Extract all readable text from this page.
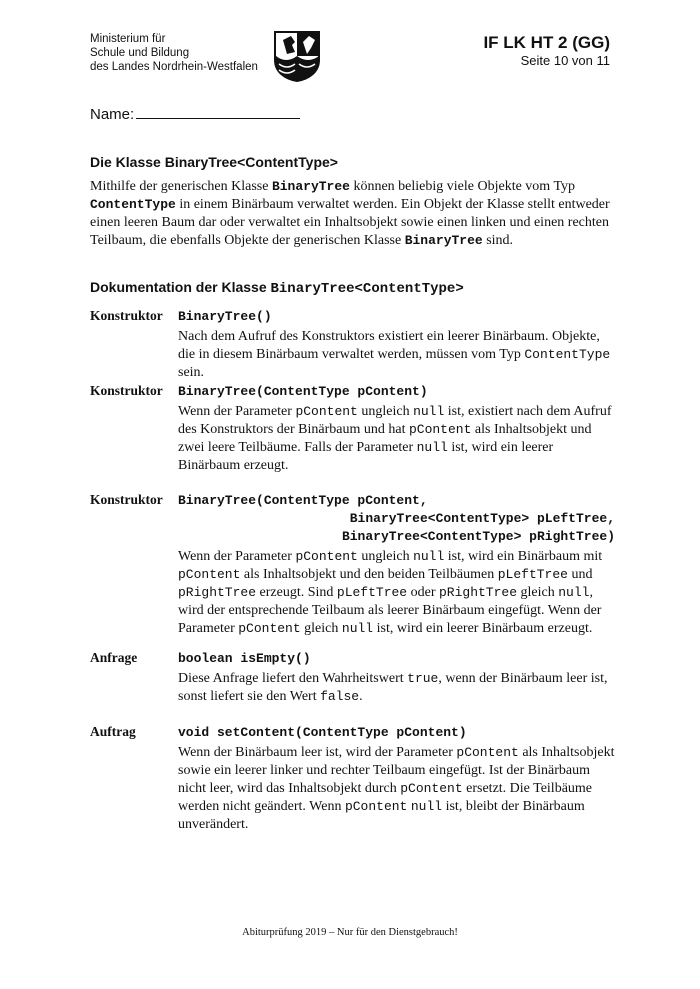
Ministerium für
Schule und Bildung
des Landes Nordrhein-Westfalen
IF LK HT 2 (GG)
Seite 10 von 11
Name:
Die Klasse BinaryTree<ContentType>

Mithilfe der generischen Klasse BinaryTree können beliebig viele Objekte vom Typ ContentType in einem Binärbaum verwaltet werden. Ein Objekt der Klasse stellt entweder einen leeren Baum dar oder verwaltet ein Inhaltsobjekt sowie einen linken und einen rechten Teilbaum, die ebenfalls Objekte der generischen Klasse BinaryTree sind.

Dokumentation der Klasse BinaryTree<ContentType>
Konstruktor BinaryTree()
Nach dem Aufruf des Konstruktors existiert ein leerer Binärbaum. Objekte, die in diesem Binärbaum verwaltet werden, müssen vom Typ ContentType sein.
Konstruktor BinaryTree(ContentType pContent)
Wenn der Parameter pContent ungleich null ist, existiert nach dem Aufruf des Konstruktors der Binärbaum und hat pContent als Inhaltsobjekt und zwei leere Teilbäume. Falls der Parameter null ist, wird ein leerer Binärbaum erzeugt.
Konstruktor BinaryTree(ContentType pContent,
BinaryTree<ContentType> pLeftTree,
BinaryTree<ContentType> pRightTree)
Wenn der Parameter pContent ungleich null ist, wird ein Binärbaum mit pContent als Inhaltsobjekt und den beiden Teilbäumen pLeftTree und pRightTree erzeugt. Sind pLeftTree oder pRightTree gleich null, wird der entsprechende Teilbaum als leerer Binärbaum eingefügt. Wenn der Parameter pContent gleich null ist, wird ein leerer Binärbaum erzeugt.
Anfrage	boolean isEmpty()
Diese Anfrage liefert den Wahrheitswert true, wenn der Binärbaum leer ist, sonst liefert sie den Wert false.
Auftrag	void setContent(ContentType pContent)
Wenn der Binärbaum leer ist, wird der Parameter pContent als Inhaltsobjekt sowie ein leerer linker und rechter Teilbaum eingefügt. Ist der Binärbaum nicht leer, wird das Inhaltsobjekt durch pContent ersetzt. Die Teilbäume werden nicht geändert. Wenn pContent null ist, bleibt der Binärbaum unverändert.
Abiturprüfung 2019 – Nur für den Dienstgebrauch!
